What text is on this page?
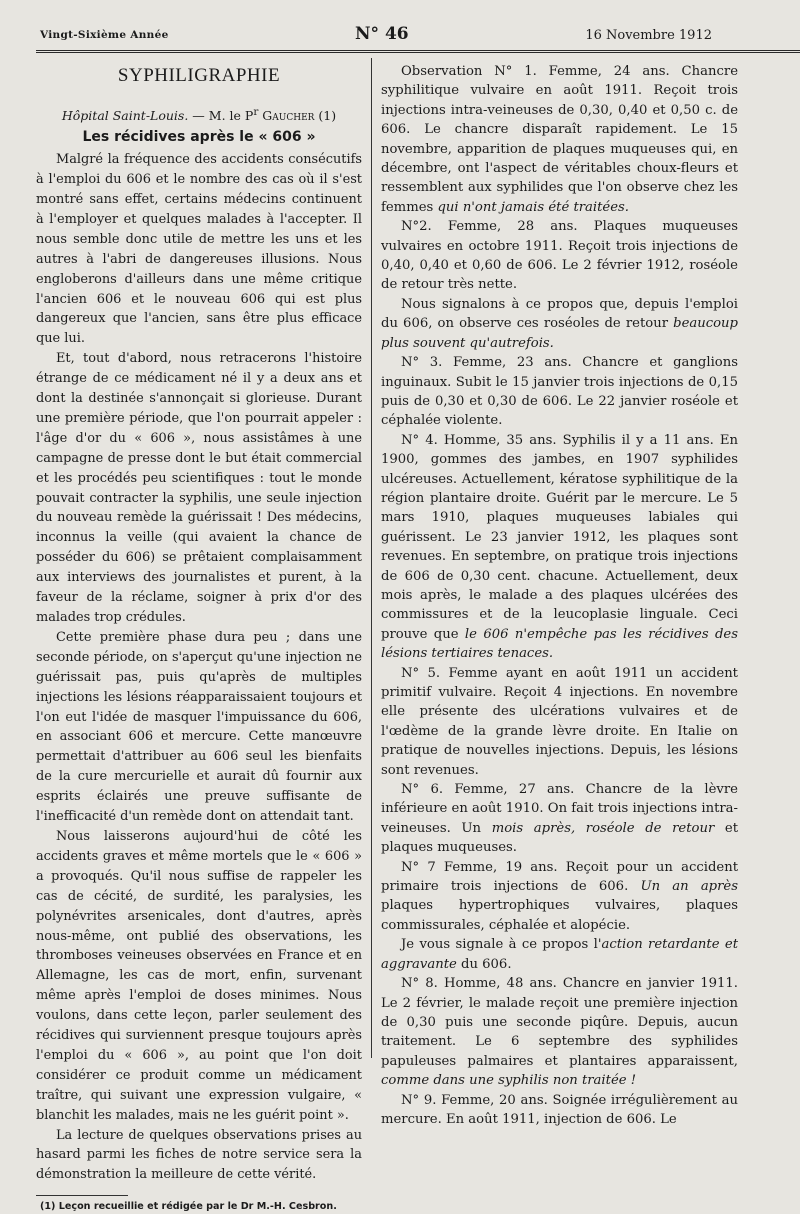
Vingt-Sixième Année	N° 46	16 Novembre 1912
SYPHILIGRAPHIE
Hôpital Saint-Louis. — M. le $P^r$ Gaucher (1)
Les récidives après le « 606 »

Malgré la fréquence des accidents consécutifs à l'emploi du 606 et le nombre des cas où il s'est montré sans effet, certains médecins continuent à l'employer et quelques malades à l'accepter. Il nous semble donc utile de mettre les uns et les autres à l'abri de dangereuses illusions. Nous engloberons d'ailleurs dans une même critique l'ancien 606 et le nouveau 606 qui est plus dangereux que l'ancien, sans être plus efficace que lui.

Et, tout d'abord, nous retracerons l'histoire étrange de ce médicament né il y a deux ans et dont la destinée s'annonçait si glorieuse. Durant une première période, que l'on pourrait appeler : l'âge d'or du « 606 », nous assistâmes à une campagne de presse dont le but était commercial et les procédés peu scientifiques : tout le monde pouvait contracter la syphilis, une seule injection du nouveau remède la guérissait ! Des médecins, inconnus la veille (qui avaient la chance de posséder du 606) se prêtaient complaisamment aux interviews des journalistes et purent, à la faveur de la réclame, soigner à prix d'or des malades trop crédules.

Cette première phase dura peu ; dans une seconde période, on s'aperçut qu'une injection ne guérissait pas, puis qu'après de multiples injections les lésions réapparaissaient toujours et l'on eut l'idée de masquer l'impuissance du 606, en associant 606 et mercure. Cette manœuvre permettait d'attribuer au 606 seul les bienfaits de la cure mercurielle et aurait dû fournir aux esprits éclairés une preuve suffisante de l'inefficacité d'un remède dont on attendait tant.

Nous laisserons aujourd'hui de côté les accidents graves et même mortels que le « 606 » a provoqués. Qu'il nous suffise de rappeler les cas de cécité, de surdité, les paralysies, les polynévrites arsenicales, dont d'autres, après nous-même, ont publié des observations, les thromboses veineuses observées en France et en Allemagne, les cas de mort, enfin, survenant même après l'emploi de doses minimes. Nous voulons, dans cette leçon, parler seulement des récidives qui surviennent presque toujours après l'emploi du « 606 », au point que l'on doit considérer ce produit comme un médicament traître, qui suivant une expression vulgaire, « blanchit les malades, mais ne les guérit point ».

La lecture de quelques observations prises au hasard parmi les fiches de notre service sera la démonstration la meilleure de cette vérité.

(1) Leçon recueillie et rédigée par le Dr M.-H. Cesbron.

Observation N° 1. Femme, 24 ans. Chancre syphilitique vulvaire en août 1911. Reçoit trois injections intra-veineuses de 0,30, 0,40 et 0,50 c. de 606. Le chancre disparaît rapidement. Le 15 novembre, apparition de plaques muqueuses qui, en décembre, ont l'aspect de véritables choux-fleurs et ressemblent aux syphilides que l'on observe chez les femmes qui n'ont jamais été traitées.

N°2. Femme, 28 ans. Plaques muqueuses vulvaires en octobre 1911. Reçoit trois injections de 0,40, 0,40 et 0,60 de 606. Le 2 février 1912, roséole de retour très nette.

Nous signalons à ce propos que, depuis l'emploi du 606, on observe ces roséoles de retour beaucoup plus souvent qu'autrefois.

N° 3. Femme, 23 ans. Chancre et ganglions inguinaux. Subit le 15 janvier trois injections de 0,15 puis de 0,30 et 0,30 de 606. Le 22 janvier roséole et céphalée violente.

N° 4. Homme, 35 ans. Syphilis il y a 11 ans. En 1900, gommes des jambes, en 1907 syphilides ulcéreuses. Actuellement, kératose syphilitique de la région plantaire droite. Guérit par le mercure. Le 5 mars 1910, plaques muqueuses labiales qui guérissent. Le 23 janvier 1912, les plaques sont revenues. En septembre, on pratique trois injections de 606 de 0,30 cent. chacune. Actuellement, deux mois après, le malade a des plaques ulcérées des commissures et de la leucoplasie linguale. Ceci prouve que le 606 n'empêche pas les récidives des lésions tertiaires tenaces.

N° 5. Femme ayant en août 1911 un accident primitif vulvaire. Reçoit 4 injections. En novembre elle présente des ulcérations vulvaires et de l'œdème de la grande lèvre droite. En Italie on pratique de nouvelles injections. Depuis, les lésions sont revenues.

N° 6. Femme, 27 ans. Chancre de la lèvre inférieure en août 1910. On fait trois injections intra-veineuses. Un mois après, roséole de retour et plaques muqueuses.

N° 7 Femme, 19 ans. Reçoit pour un accident primaire trois injections de 606. Un an après plaques hypertrophiques vulvaires, plaques commissurales, céphalée et alopécie.

Je vous signale à ce propos l'action retardante et aggravante du 606.

N° 8. Homme, 48 ans. Chancre en janvier 1911. Le 2 février, le malade reçoit une première injection de 0,30 puis une seconde piqûre. Depuis, aucun traitement. Le 6 septembre des syphilides papuleuses palmaires et plantaires apparaissent, comme dans une syphilis non traitée !

N° 9. Femme, 20 ans. Soignée irrégulièrement au mercure. En août 1911, injection de 606. Le
